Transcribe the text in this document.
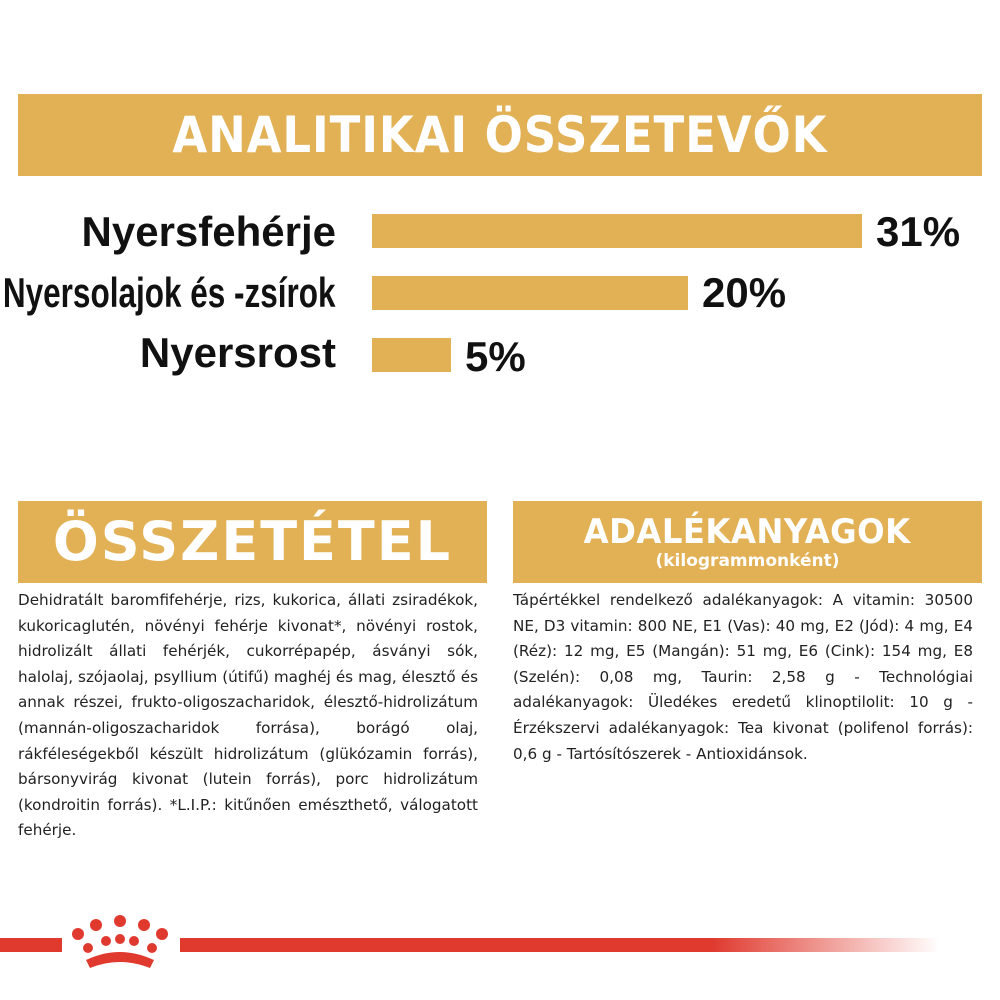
ANALITIKAI ÖSSZETEVŐK
Nyersfehérje	31%
Nyersolajok és -zsírok	20%
Nyersrost	5%
ÖSSZETÉTEL

Dehidratált baromfifehérje, rizs, kukorica, állati zsiradékok, kukoricaglutén, növényi fehérje kivonat*, növényi rostok, hidrolizált állati fehérjék, cukorrépapép, ásványi sók, halolaj, szójaolaj, psyllium (útifű) maghéj és mag, élesztő és annak részei, frukto-oligoszacharidok, élesztő-hidrolizátum (mannán-oligoszacharidok forrása), borágó olaj, rákféleségekből készült hidrolizátum (glükózamin forrás), bársonyvirág kivonat (lutein forrás), porc hidrolizátum (kondroitin forrás). *L.I.P.: kitűnően emészthető, válogatott fehérje.

ADALÉKANYAGOK
(kilogrammonként)

Tápértékkel rendelkező adalékanyagok: A vitamin: 30500 NE, D3 vitamin: 800 NE, E1 (Vas): 40 mg, E2 (Jód): 4 mg, E4 (Réz): 12 mg, E5 (Mangán): 51 mg, E6 (Cink): 154 mg, E8 (Szelén): 0,08 mg, Taurin: 2,58 g - Technológiai adalékanyagok: Üledékes eredetű klinoptilolit: 10 g - Érzékszervi adalékanyagok: Tea kivonat (polifenol forrás): 0,6 g - Tartósítószerek - Antioxidánsok.
